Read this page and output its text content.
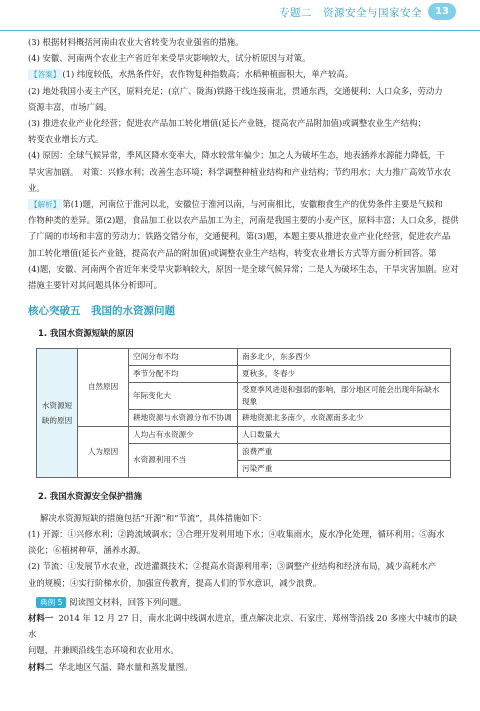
专题二　资源安全与国家安全	13

(3) 根据材料概括河南由农业大省转变为农业强省的措施。

(4) 安徽、河南两个农业主产省近年来受旱灾影响较大，试分析原因与对策。

【答案】 (1) 纬度较低，水热条件好，农作物复种指数高；水稻种植面积大，单产较高。

(2) 地处我国小麦主产区，原料充足；(京广、陇海)铁路干线连接南北，贯通东西，交通便利；人口众多，劳动力

资源丰富，市场广阔。

(3) 推进农业产业化经营；促进农产品加工转化增值(延长产业链，提高农产品附加值)或调整农业生产结构；

转变农业增长方式。

(4) 原因：全球气候异常，季风区降水变率大，降水较常年偏少；加之人为破坏生态，地表涵养水源能力降低，干

旱灾害加剧。　对策：兴修水利；改善生态环境；科学调整种植业结构和产业结构；节约用水；大力推广高效节水农业。

【解析】 第(1)题，河南位于淮河以北，安徽位于淮河以南，与河南相比，安徽粮食生产的优势条件主要是气候和

作物种类的差异。第(2)题，食品加工业以农产品加工为主，河南是我国主要的小麦产区，原料丰富；人口众多，提供

了广阔的市场和丰富的劳动力；铁路交错分布，交通便利。第(3)题，本题主要从推进农业产业化经营，促进农产品

加工转化增值(延长产业链，提高农产品的附加值)或调整农业生产结构，转变农业增长方式等方面分析回答。第

(4)题，安徽、河南两个省近年来受旱灾影响较大，原因一是全球气候异常；二是人为破坏生态，干旱灾害加剧。应对

措施主要针对其问题具体分析即可。

核心突破五　我国的水资源问题
1. 我国水资源短缺的原因
水资源短缺的原因	自然原因	空间分布不均	南多北少，东多西少
		季节分配不均	夏秋多，冬春少
		年际变化大	受夏季风进退和强弱的影响，部分地区可能会出现年际缺水现象
		耕地资源与水资源分布不协调	耕地资源北多南少，水资源南多北少
	人为原因	人均占有水资源少	人口数量大
		水资源利用不当	浪费严重
			污染严重
2. 我国水资源安全保护措施

解决水资源短缺的措施包括“开源”和“节流”，具体措施如下：

(1) 开源：①兴修水利；②跨流域调水；③合理开发利用地下水；④收集雨水，废水净化处理，循环利用；⑤海水

淡化；⑥植树种草，涵养水源。

(2) 节流：①发展节水农业，改进灌溉技术；②提高水资源利用率；③调整产业结构和经济布局，减少高耗水产

业的规模；④实行阶梯水价，加强宣传教育，提高人们的节水意识，减少浪费。

典例 5 阅读图文材料，回答下列问题。

材料一 2014 年 12 月 27 日，南水北调中线调水进京，重点解决北京、石家庄、郑州等沿线 20 多座大中城市的缺水

问题，并兼顾沿线生态环境和农业用水。

材料二 华北地区气温、降水量和蒸发量图。
